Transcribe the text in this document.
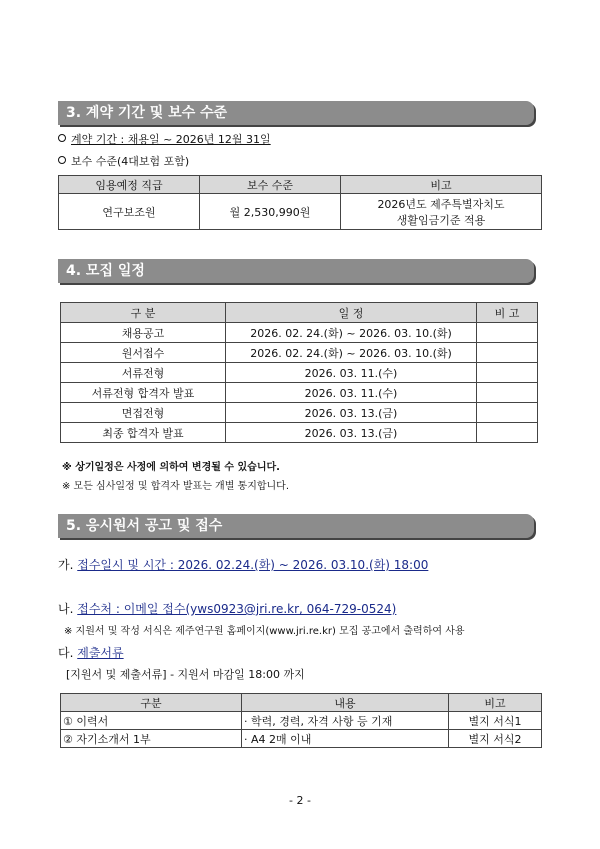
3. 계약 기간 및 보수 수준
계약 기간 : 채용일 ~ 2026년 12월 31일
보수 수준(4대보험 포함)
임용예정 직급	보수 수준	비고
연구보조원	월 2,530,990원	2026년도 제주특별자치도
생활임금기준 적용
4. 모집 일정
구 분	일 정	비 고
채용공고	2026. 02. 24.(화) ~ 2026. 03. 10.(화)	
원서접수	2026. 02. 24.(화) ~ 2026. 03. 10.(화)	
서류전형	2026. 03. 11.(수)	
서류전형 합격자 발표	2026. 03. 11.(수)	
면접전형	2026. 03. 13.(금)	
최종 합격자 발표	2026. 03. 13.(금)	
※ 상기일정은 사정에 의하여 변경될 수 있습니다.
※ 모든 심사일정 및 합격자 발표는 개별 통지합니다.
5. 응시원서 공고 및 접수
가. 접수일시 및 시간 : 2026. 02.24.(화) ~ 2026. 03.10.(화) 18:00
나. 접수처 : 이메일 접수(yws0923@jri.re.kr, 064-729-0524)
※ 지원서 및 작성 서식은 제주연구원 홈페이지(www.jri.re.kr) 모집 공고에서 출력하여 사용
다. 제출서류
[지원서 및 제출서류] - 지원서 마감일 18:00 까지
구분	내용	비고
① 이력서	· 학력, 경력, 자격 사항 등 기재	별지 서식1
② 자기소개서 1부	· A4 2매 이내	별지 서식2
- 2 -
